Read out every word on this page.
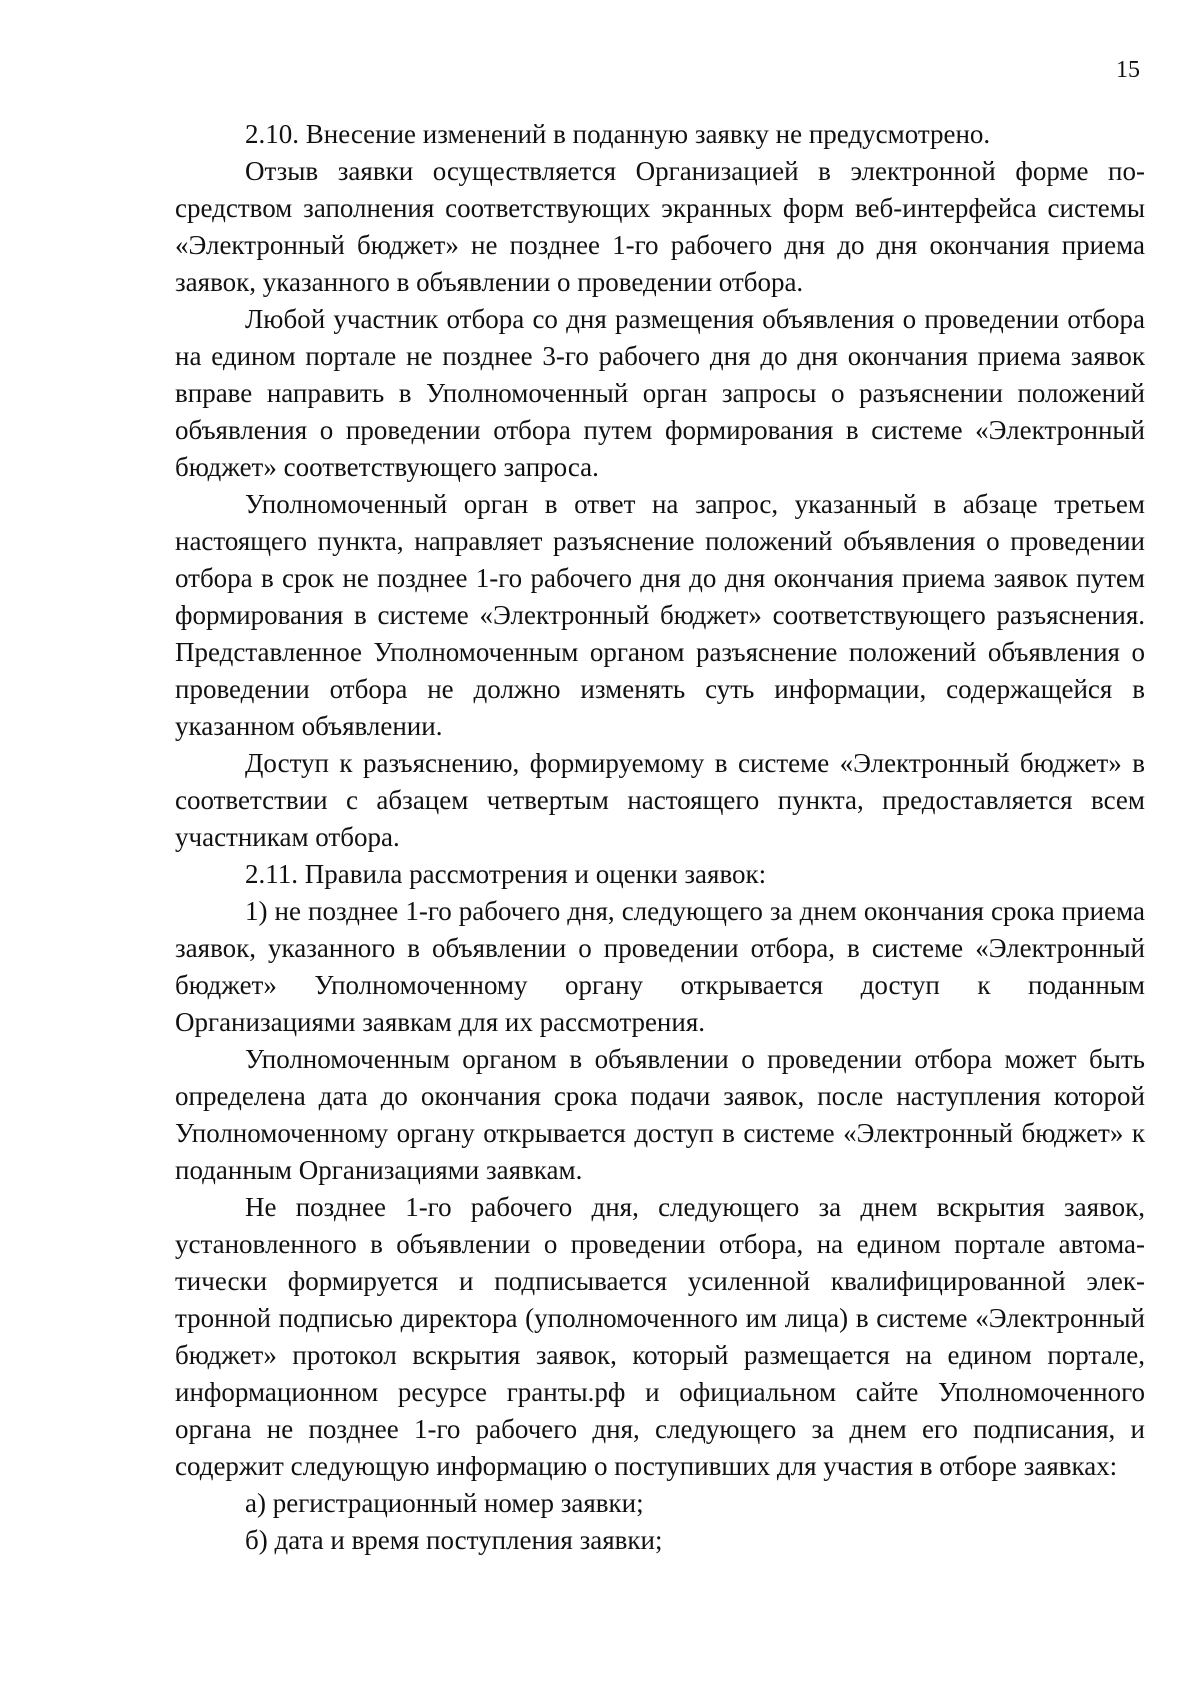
15

2.10. Внесение изменений в поданную заявку не предусмотрено.

Отзыв заявки осуществляется Организацией в электронной форме посредством заполнения соответствующих экранных форм веб-интерфейса системы «Электронный бюджет» не позднее 1-го рабочего дня до дня окончания приема заявок, указанного в объявлении о проведении отбора.

Любой участник отбора со дня размещения объявления о проведении отбора на едином портале не позднее 3-го рабочего дня до дня окончания приема заявок вправе направить в Уполномоченный орган запросы о разъяснении положений объявления о проведении отбора путем формирования в системе «Электронный бюджет» соответствующего запроса.

Уполномоченный орган в ответ на запрос, указанный в абзаце третьем настоящего пункта, направляет разъяснение положений объявления о проведении отбора в срок не позднее 1-го рабочего дня до дня окончания приема заявок путем формирования в системе «Электронный бюджет» соответствующего разъяснения. Представленное Уполномоченным органом разъяснение положений объявления о проведении отбора не должно изменять суть информации, содержащейся в указанном объявлении.

Доступ к разъяснению, формируемому в системе «Электронный бюджет» в соответствии с абзацем четвертым настоящего пункта, предоставляется всем участникам отбора.

2.11. Правила рассмотрения и оценки заявок:

1) не позднее 1-го рабочего дня, следующего за днем окончания срока приема заявок, указанного в объявлении о проведении отбора, в системе «Электронный бюджет» Уполномоченному органу открывается доступ к поданным Организациями заявкам для их рассмотрения.

Уполномоченным органом в объявлении о проведении отбора может быть определена дата до окончания срока подачи заявок, после наступления которой Уполномоченному органу открывается доступ в системе «Электронный бюджет» к поданным Организациями заявкам.

Не позднее 1-го рабочего дня, следующего за днем вскрытия заявок, установленного в объявлении о проведении отбора, на едином портале автоматически формируется и подписывается усиленной квалифицированной электронной подписью директора (уполномоченного им лица) в системе «Электронный бюджет» протокол вскрытия заявок, который размещается на едином портале, информационном ресурсе гранты.рф и официальном сайте Уполномоченного органа не позднее 1-го рабочего дня, следующего за днем его подписания, и содержит следующую информацию о поступивших для участия в отборе заявках:

а) регистрационный номер заявки;

б) дата и время поступления заявки;
